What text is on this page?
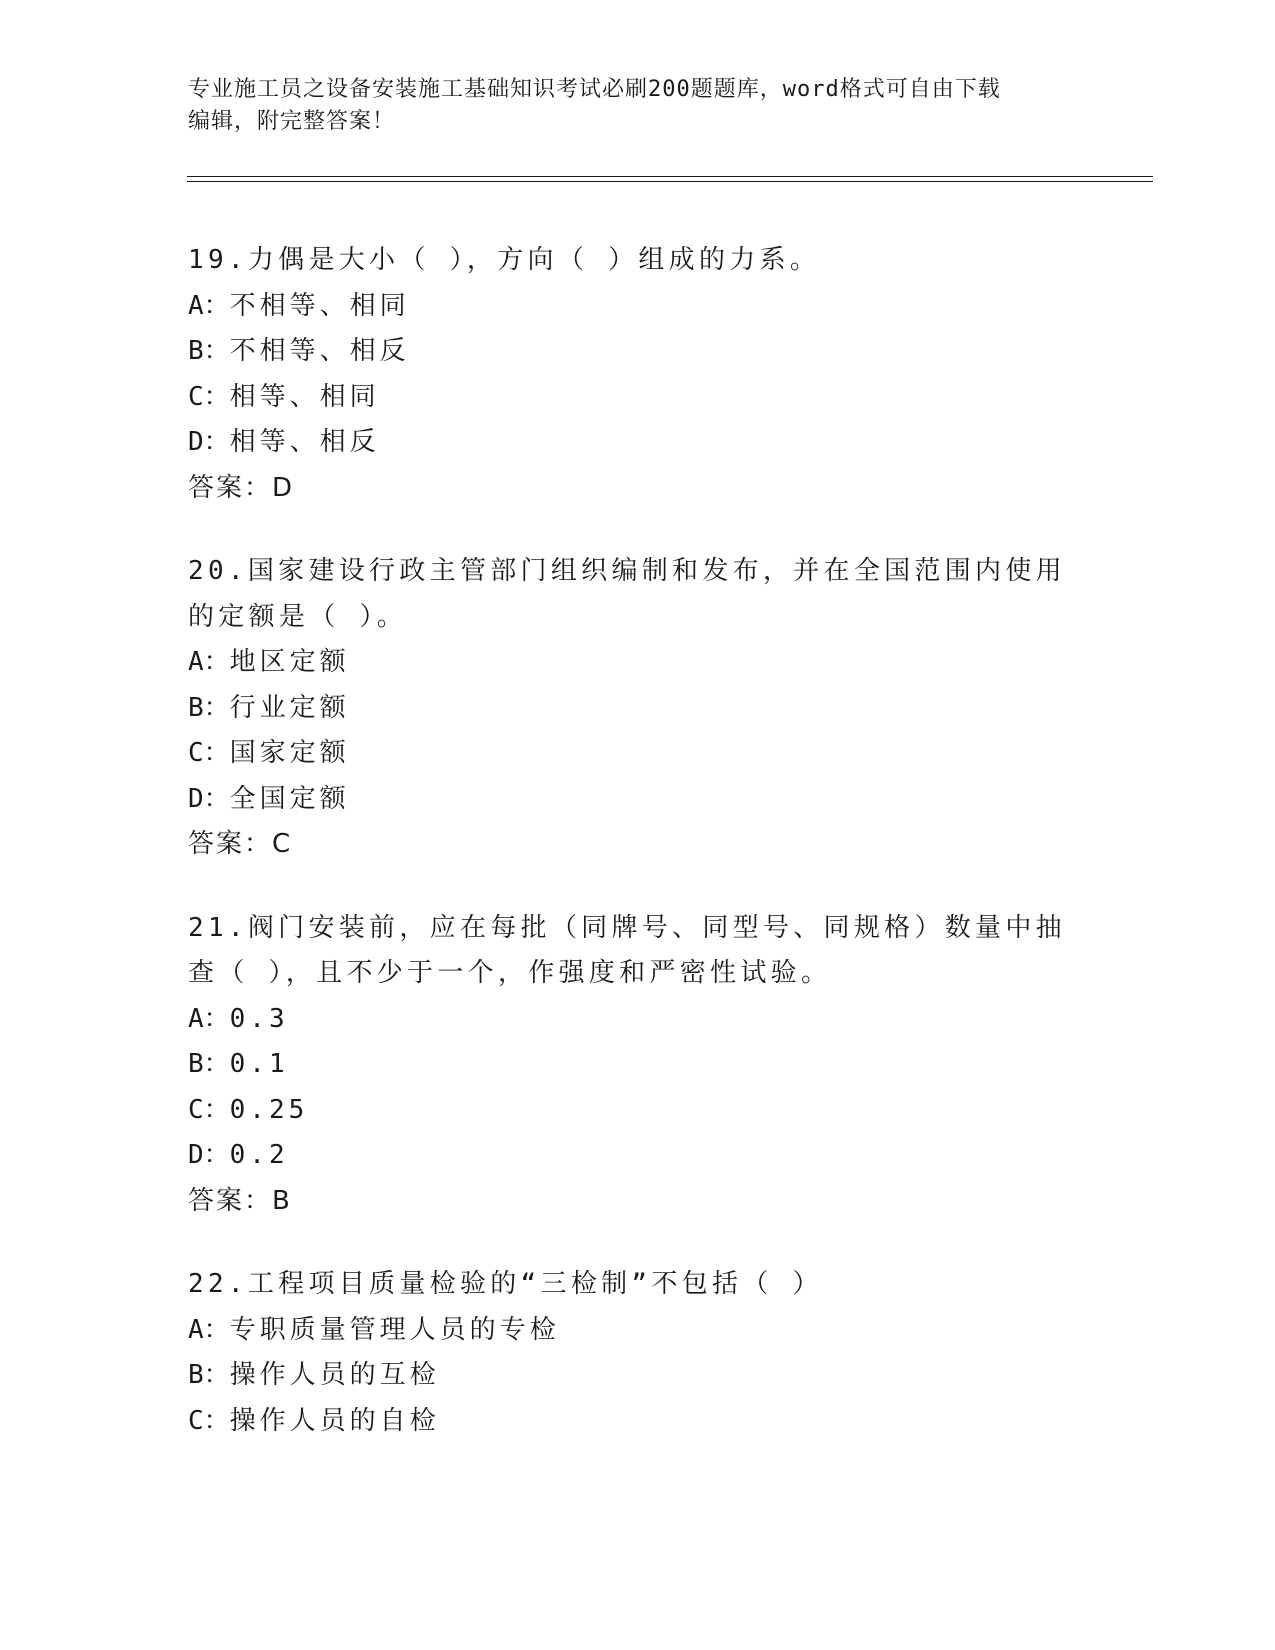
专业施工员之设备安装施工基础知识考试必刷200题题库，word格式可自由下载
编辑，附完整答案！
19.力偶是大小（ ），方向（ ）组成的力系。
A：不相等、相同
B：不相等、相反
C：相等、相同
D：相等、相反
答案：D
20.国家建设行政主管部门组织编制和发布，并在全国范围内使用的定额是（ ）。
A：地区定额
B：行业定额
C：国家定额
D：全国定额
答案：C
21.阀门安装前，应在每批（同牌号、同型号、同规格）数量中抽查（ ），且不少于一个，作强度和严密性试验。
A：0.3
B：0.1
C：0.25
D：0.2
答案：B
22.工程项目质量检验的“三检制”不包括（ ）
A：专职质量管理人员的专检
B：操作人员的互检
C：操作人员的自检
